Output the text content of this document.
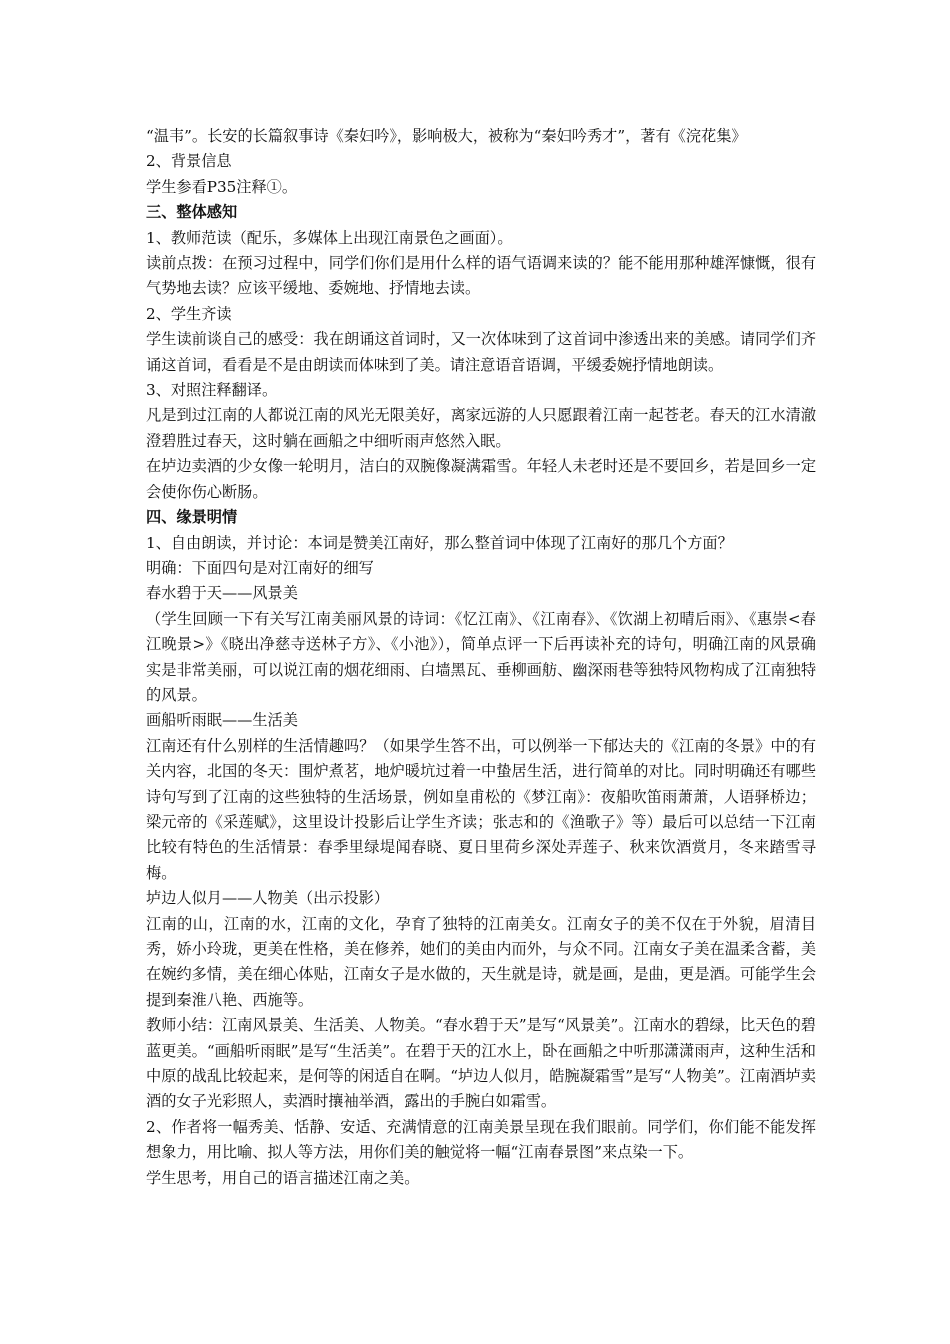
“温韦”。长安的长篇叙事诗《秦妇吟》，影响极大，被称为“秦妇吟秀才”，著有《浣花集》

2、背景信息

学生参看P35注释①。

三、整体感知

1、教师范读（配乐，多媒体上出现江南景色之画面）。

读前点拨：在预习过程中，同学们你们是用什么样的语气语调来读的？能不能用那种雄浑慷慨，很有气势地去读？应该平缓地、委婉地、抒情地去读。

2、学生齐读

学生读前谈自己的感受：我在朗诵这首词时，又一次体味到了这首词中渗透出来的美感。请同学们齐诵这首词，看看是不是由朗读而体味到了美。请注意语音语调，平缓委婉抒情地朗读。

3、对照注释翻译。

凡是到过江南的人都说江南的风光无限美好，离家远游的人只愿跟着江南一起苍老。春天的江水清澈澄碧胜过春天，这时躺在画船之中细听雨声悠然入眠。

在垆边卖酒的少女像一轮明月，洁白的双腕像凝满霜雪。年轻人未老时还是不要回乡，若是回乡一定会使你伤心断肠。

四、缘景明情

1、自由朗读，并讨论：本词是赞美江南好，那么整首词中体现了江南好的那几个方面？

明确：下面四句是对江南好的细写

春水碧于天——风景美

（学生回顾一下有关写江南美丽风景的诗词：《忆江南》、《江南春》、《饮湖上初晴后雨》、《惠崇<春江晚景>》《晓出净慈寺送林子方》、《小池》），简单点评一下后再读补充的诗句，明确江南的风景确实是非常美丽，可以说江南的烟花细雨、白墙黑瓦、垂柳画舫、幽深雨巷等独特风物构成了江南独特的风景。

画船听雨眠——生活美

江南还有什么别样的生活情趣吗？（如果学生答不出，可以例举一下郁达夫的《江南的冬景》中的有关内容，北国的冬天：围炉煮茗，地炉暖坑过着一中蛰居生活，进行简单的对比。同时明确还有哪些诗句写到了江南的这些独特的生活场景，例如皇甫松的《梦江南》：夜船吹笛雨萧萧，人语驿桥边；梁元帝的《采莲赋》，这里设计投影后让学生齐读；张志和的《渔歌子》等）最后可以总结一下江南比较有特色的生活情景：春季里绿堤闻春晓、夏日里荷乡深处弄莲子、秋来饮酒赏月，冬来踏雪寻梅。

垆边人似月——人物美（出示投影）

江南的山，江南的水，江南的文化，孕育了独特的江南美女。江南女子的美不仅在于外貌，眉清目秀，娇小玲珑，更美在性格，美在修养，她们的美由内而外，与众不同。江南女子美在温柔含蓄，美在婉约多情，美在细心体贴，江南女子是水做的，天生就是诗，就是画，是曲，更是酒。可能学生会提到秦淮八艳、西施等。

教师小结：江南风景美、生活美、人物美。“春水碧于天”是写“风景美”。江南水的碧绿，比天色的碧蓝更美。“画船听雨眠”是写“生活美”。在碧于天的江水上，卧在画船之中听那潇潇雨声，这种生活和中原的战乱比较起来，是何等的闲适自在啊。“垆边人似月，皓腕凝霜雪”是写“人物美”。江南酒垆卖酒的女子光彩照人，卖酒时攘袖举酒，露出的手腕白如霜雪。

2、作者将一幅秀美、恬静、安适、充满情意的江南美景呈现在我们眼前。同学们，你们能不能发挥想象力，用比喻、拟人等方法，用你们美的触觉将一幅“江南春景图”来点染一下。

学生思考，用自己的语言描述江南之美。
